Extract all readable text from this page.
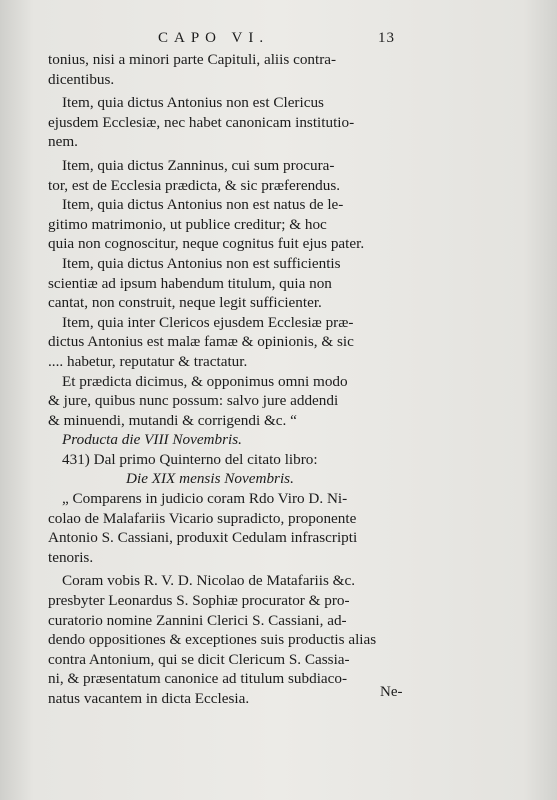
CAPO VI.	13

tonius, nisi a minori parte Capituli, aliis contra-
dicentibus.

Item, quia dictus Antonius non est Clericus
ejusdem Ecclesiæ, nec habet canonicam institutio-
nem.

Item, quia dictus Zanninus, cui sum procura-
tor, est de Ecclesia prædicta, & sic præferendus.

Item, quia dictus Antonius non est natus de le-
gitimo matrimonio, ut publice creditur; & hoc
quia non cognoscitur, neque cognitus fuit ejus pater.

Item, quia dictus Antonius non est sufficientis
scientiæ ad ipsum habendum titulum, quia non
cantat, non construit, neque legit sufficienter.

Item, quia inter Clericos ejusdem Ecclesiæ præ-
dictus Antonius est malæ famæ & opinionis, & sic
.... habetur, reputatur & tractatur.

Et prædicta dicimus, & opponimus omni modo
& jure, quibus nunc possum: salvo jure addendi
& minuendi, mutandi & corrigendi &c. “

Producta die VIII Novembris.
431) Dal primo Quinterno del citato libro:
Die XIX mensis Novembris.

„ Comparens in judicio coram Rdo Viro D. Ni-
colao de Malafariis Vicario supradicto, proponente
Antonio S. Cassiani, produxit Cedulam infrascripti
tenoris.

Coram vobis R. V. D. Nicolao de Matafariis &c.
presbyter Leonardus S. Sophiæ procurator & pro-
curatorio nomine Zannini Clerici S. Cassiani, ad-
dendo oppositiones & exceptiones suis productis alias
contra Antonium, qui se dicit Clericum S. Cassia-
ni, & præsentatum canonice ad titulum subdiaco-
natus vacantem in dicta Ecclesia.	Ne-
